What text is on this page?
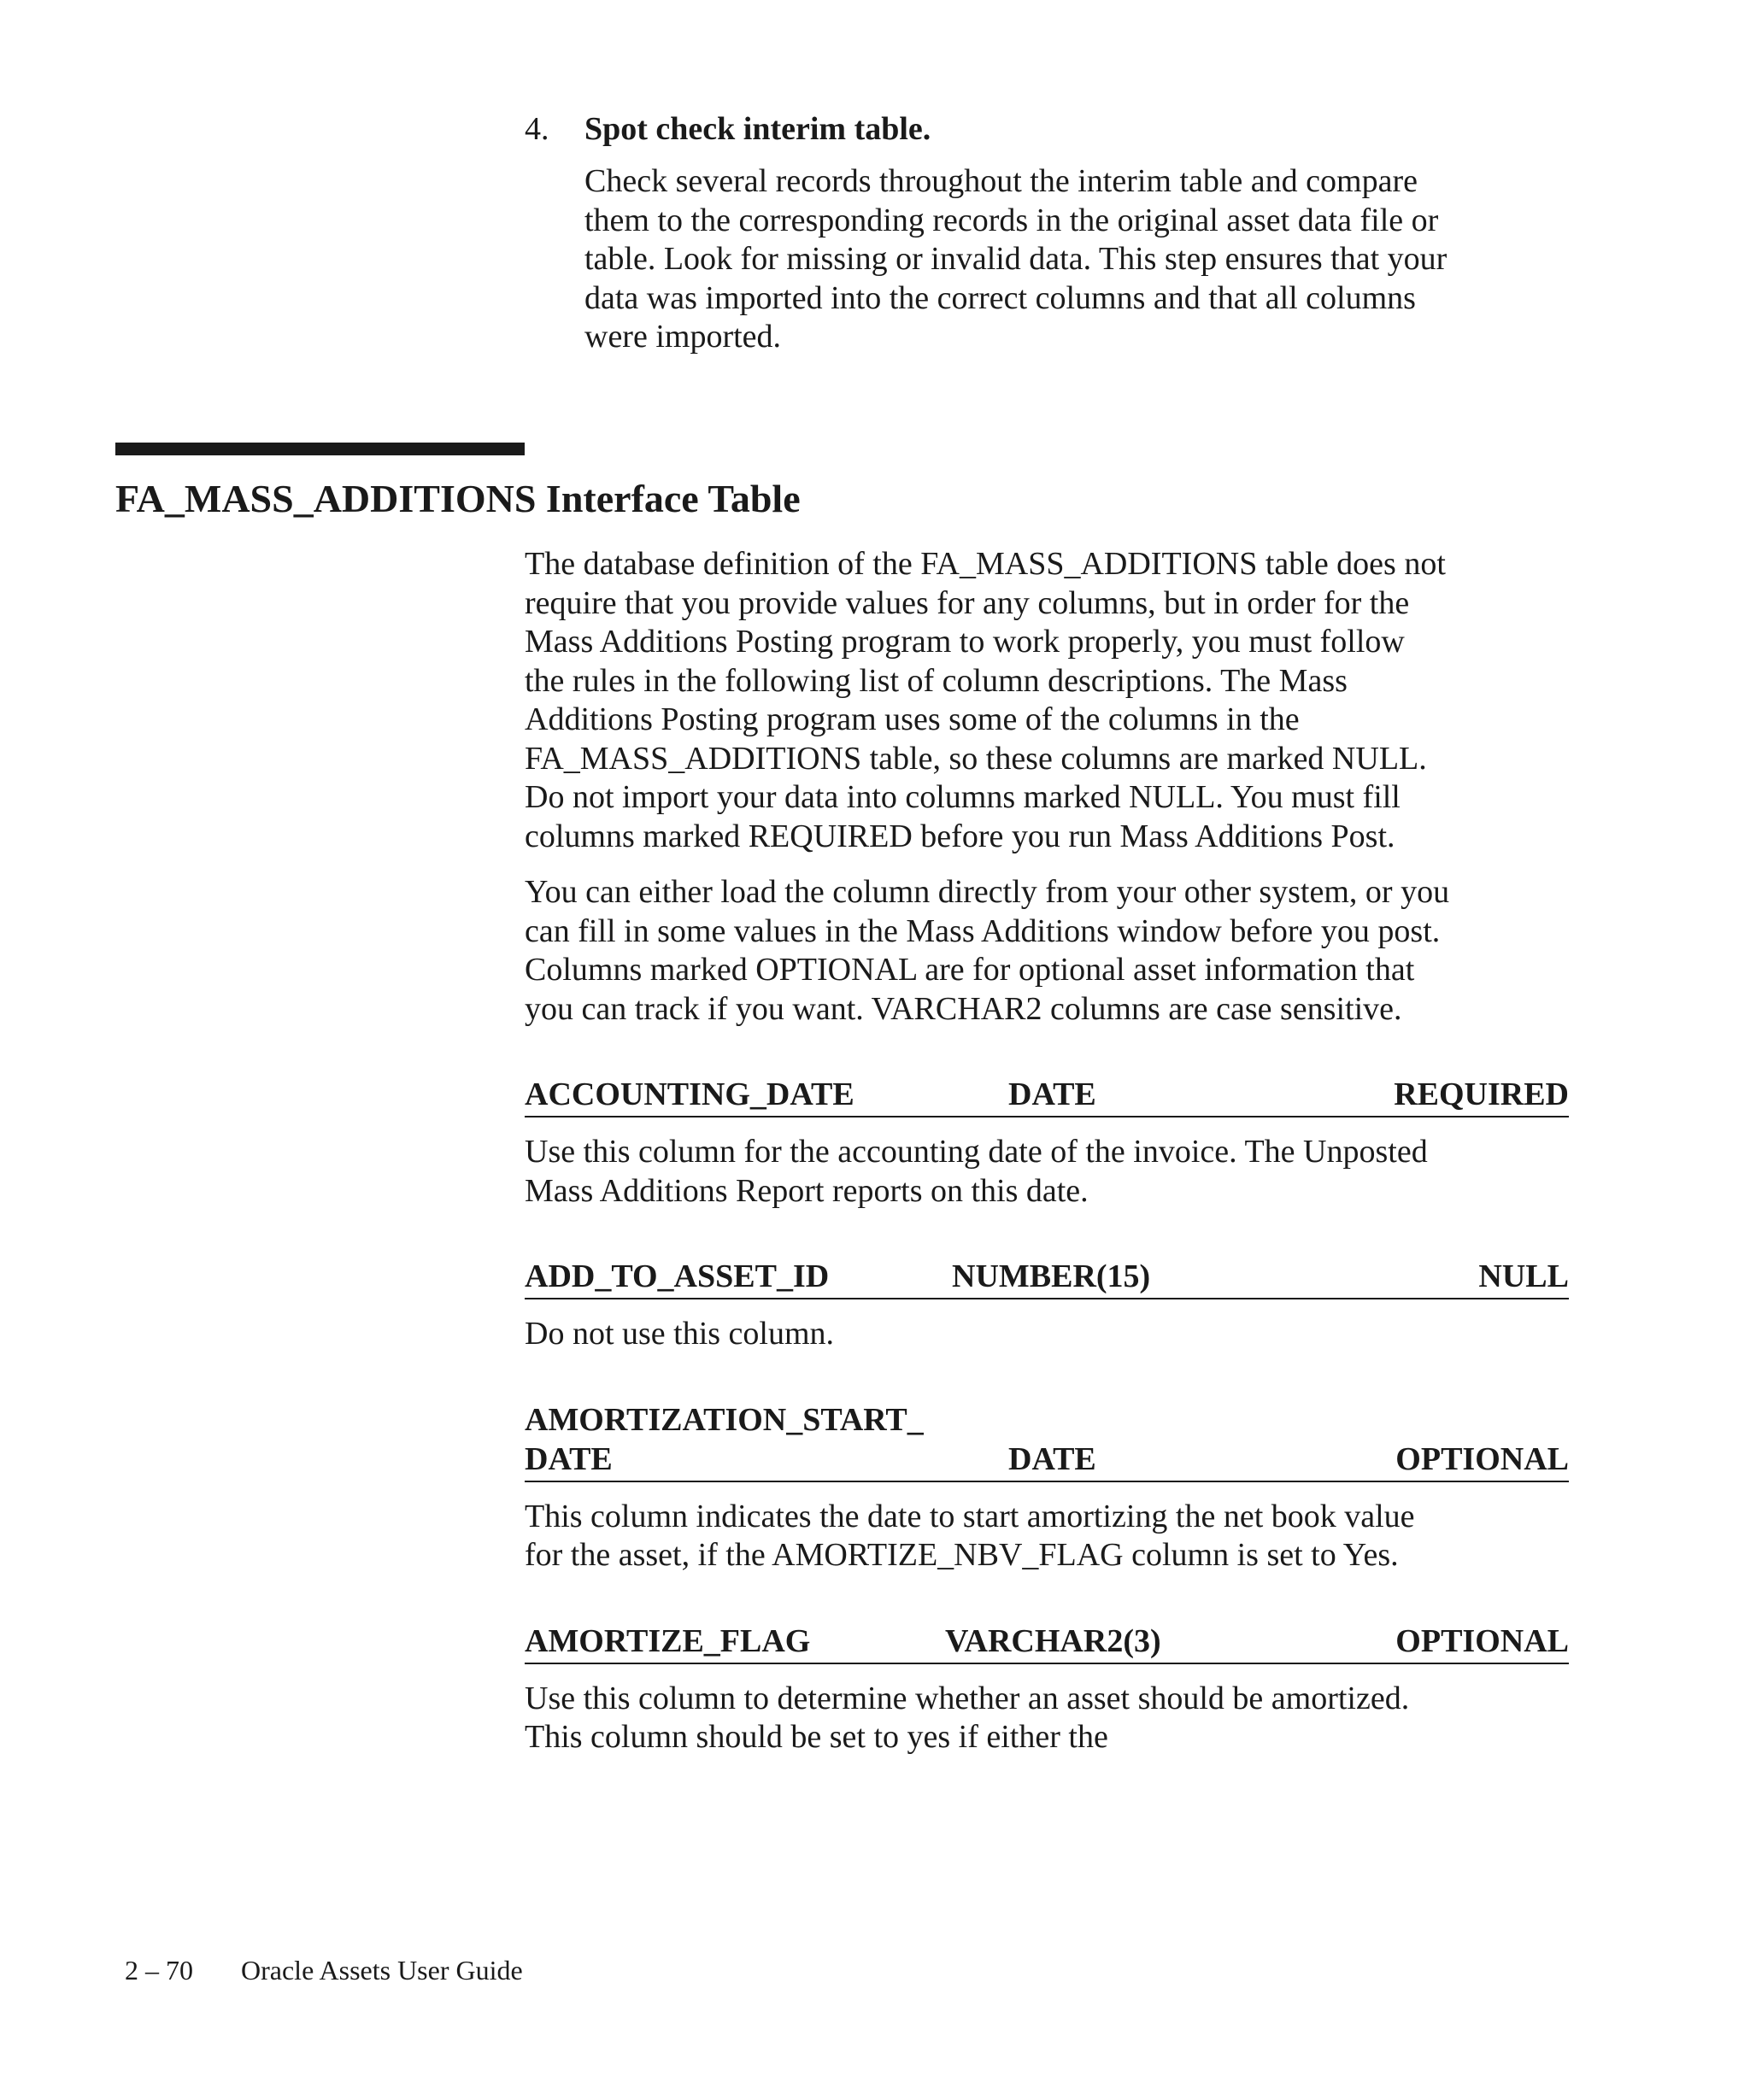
4.	Spot check interim table.
Check several records throughout the interim table and compare
them to the corresponding records in the original asset data file or
table. Look for missing or invalid data. This step ensures that your
data was imported into the correct columns and that all columns
were imported.
FA_MASS_ADDITIONS Interface Table
The database definition of the FA_MASS_ADDITIONS table does not
require that you provide values for any columns, but in order for the
Mass Additions Posting program to work properly, you must follow
the rules in the following list of column descriptions. The Mass
Additions Posting program uses some of the columns in the
FA_MASS_ADDITIONS table, so these columns are marked NULL.
Do not import your data into columns marked NULL. You must fill
columns marked REQUIRED before you run Mass Additions Post.
You can either load the column directly from your other system, or you
can fill in some values in the Mass Additions window before you post.
Columns marked OPTIONAL are for optional asset information that
you can track if you want. VARCHAR2 columns are case sensitive.
ACCOUNTING_DATE	DATE	REQUIRED
Use this column for the accounting date of the invoice. The Unposted
Mass Additions Report reports on this date.
ADD_TO_ASSET_ID	NUMBER(15)	NULL
Do not use this column.
AMORTIZATION_START_
DATE	DATE	OPTIONAL
This column indicates the date to start amortizing the net book value
for the asset, if the AMORTIZE_NBV_FLAG column is set to Yes.
AMORTIZE_FLAG	VARCHAR2(3)	OPTIONAL
Use this column to determine whether an asset should be amortized.
This column should be set to yes if either the
2 – 70 Oracle Assets User Guide
